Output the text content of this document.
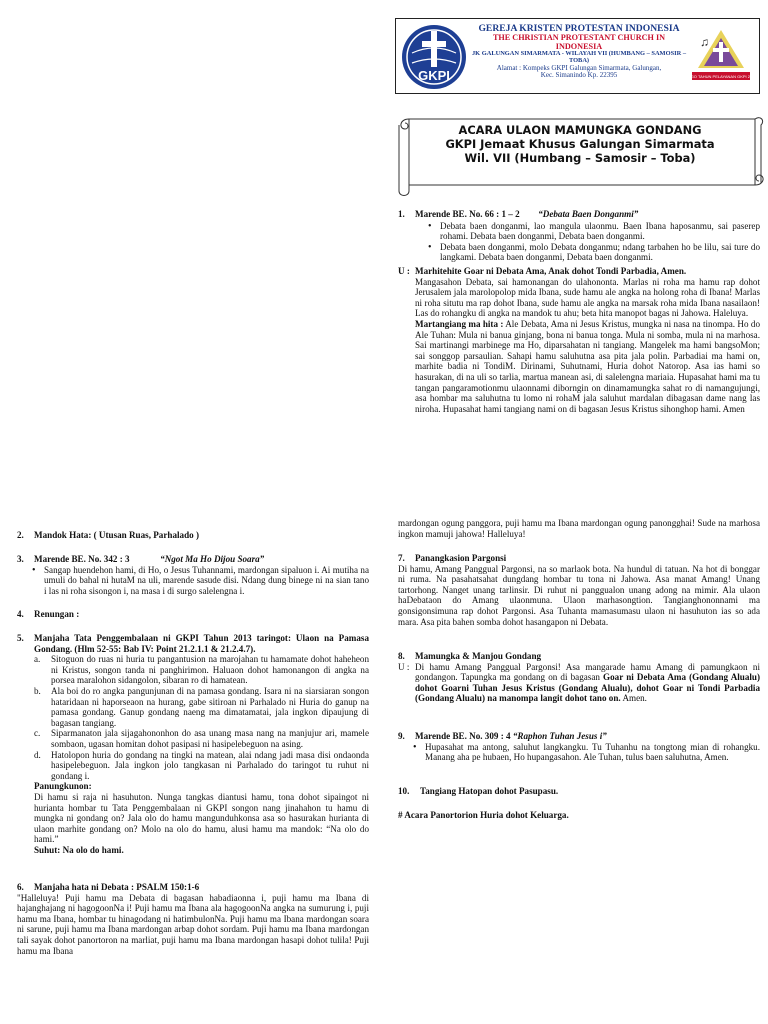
GKPI
GEREJA KRISTEN PROTESTAN INDONESIA
THE CHRISTIAN PROTESTANT CHURCH IN INDONESIA
JK GALUNGAN SIMARMATA - WILAYAH VII (HUMBANG – SAMOSIR – TOBA)
Alamat : Kompeks GKPI Galungan Simarmata, Galungan,
Kec. Simanindo Kp. 22395
♫
LOGO TAHUN PELAYANAN GKPI 2014
ACARA ULAON MAMUNGKA GONDANG
GKPI Jemaat Khusus Galungan Simarmata
Wil. VII (Humbang – Samosir – Toba)
1. Marende BE. No. 66 : 1 – 2 “Debata Baen Donganmi”
• Debata baen donganmi, lao mangula ulaonmu. Baen Ibana haposanmu, sai paserep rohami. Debata baen donganmi, Debata baen donganmi.
• Debata baen donganmi, molo Debata donganmu; ndang tarbahen ho be lilu, sai ture do langkami. Debata baen donganmi, Debata baen donganmi.
U : Marhitehite Goar ni Debata Ama, Anak dohot Tondi Parbadia, Amen.

Mangasahon Debata, sai hamonangan do ulahononta. Marlas ni roha ma hamu rap dohot Jerusalem jala marolopolop mida Ibana, sude hamu ale angka na holong roha di Ibana! Marlas ni roha situtu ma rap dohot Ibana, sude hamu ale angka na marsak roha mida Ibana nasailaon! Las do rohangku di angka na mandok tu ahu; beta hita manopot bagas ni Jahowa. Haleluya.

Martangiang ma hita : Ale Debata, Ama ni Jesus Kristus, mungka ni nasa na tinompa. Ho do Ale Tuhan: Mula ni banua ginjang, bona ni banua tonga. Mula ni somba, mula ni na marhosa. Sai martinangi marbinege ma Ho, diparsahatan ni tangiang. Mangelek ma hami bangsoMon; sai songgop parsaulian. Sahapi hamu saluhutna asa pita jala polin. Parbadiai ma hami on, marhite badia ni TondiM. Dirinami, Suhutnami, Huria dohot Natorop. Asa ias hami so hasurakan, di na uli so tarlia, martua manean asi, di salelengna mariaia. Hupasahat hami ma tu tangan pangaramotionmu ulaonnami diborngin on dinamamungka sahat ro di namangujungi, asa hombar ma saluhutna tu lomo ni rohaM jala saluhut mardalan dibagasan dame nang las niroha. Hupasahat hami tangiang nami on di bagasan Jesus Kristus sihonghop hami. Amen

2. Mandok Hata: ( Utusan Ruas, Parhalado )
3. Marende BE. No. 342 : 3	“Ngot Ma Ho Dijou Soara”
• Sangap huendehon hami, di Ho, o Jesus Tuhannami, mardongan sipaluon i. Ai mutiha na umuli do bahal ni hutaM na uli, marende sasude disi. Ndang dung binege ni na sian tano i las ni roha sisongon i, na masa i di surgo salelengna i.
4. Renungan :
5. Manjaha Tata Penggembalaan ni GKPI Tahun 2013 taringot: Ulaon na Pamasa Gondang. (Hlm 52-55: Bab IV: Point 21.2.1.1 & 21.2.4.7).
a. Sitoguon do ruas ni huria tu pangantusion na marojahan tu hamamate dohot haheheon ni Kristus, songon tanda ni panghirimon. Haluaon dohot hamonangon di angka na porsea maralohon sidangolon, sibaran ro di hamatean.
b. Ala boi do ro angka pangunjunan di na pamasa gondang. Isara ni na siarsiaran songon hataridaan ni haporseaon na hurang, gabe sitiroan ni Parhalado ni Huria do ganup na pamasa gondang. Ganup gondang naeng ma dimatamatai, jala ingkon dipaujung di bagasan tangiang.
c. Siparmanaton jala sijagahononhon do asa unang masa nang na manjujur ari, mamele sombaon, ugasan homitan dohot pasipasi ni hasipelebeguon na asing.
d. Hatolopon huria do gondang na tingki na matean, alai ndang jadi masa disi ondaonda hasipelebeguon. Jala ingkon jolo tangkasan ni Parhalado do taringot tu ruhut ni gondang i.

Panungkunon:

Di hamu si raja ni hasuhuton. Nunga tangkas diantusi hamu, tona dohot sipaingot ni hurianta hombar tu Tata Penggembalaan ni GKPI songon nang jinahahon tu hamu di mungka ni gondang on? Jala olo do hamu mangunduhkonsa asa so hasurakan hurianta di ulaon marhite gondang on? Molo na olo do hamu, alusi hamu ma mandok: “Na olo do hami.”

Suhut: Na olo do hami.

6. Manjaha hata ni Debata : PSALM 150:1-6

"Halleluya! Puji hamu ma Debata di bagasan habadiaonna i, puji hamu ma Ibana di hajanghajang ni hagogoonNa i! Puji hamu ma Ibana ala hagogoonNa angka na sumurung i, puji hamu ma Ibana, hombar tu hinagodang ni hatimbulonNa. Puji hamu ma Ibana mardongan soara ni sarune, puji hamu ma Ibana mardongan arbap dohot sordam. Puji hamu ma Ibana mardongan tali sayak dohot panortoron na marliat, puji hamu ma Ibana mardongan hasapi dohot tulila! Puji hamu ma Ibana

mardongan ogung panggora, puji hamu ma Ibana mardongan ogung panongghai! Sude na marhosa ingkon mamuji jahowa! Halleluya!
7. Panangkasion Pargonsi

Di hamu, Amang Panggual Pargonsi, na so marlaok bota. Na hundul di tatuan. Na hot di bonggar ni ruma. Na pasahatsahat dungdang hombar tu tona ni Jahowa. Asa manat Amang! Unang tartorhong. Nanget unang tarlinsir. Di ruhut ni panggualon unang adong na mimir. Ala ulaon haDebataon do Amang ulaonmuna. Ulaon marhasongtion. Tangianghononnami ma gonsigonsimuna rap dohot Pargonsi. Asa Tuhanta mamasumasu ulaon ni hasuhuton ias so ada mara. Asa pita bahen somba dohot hasangapon ni Debata.

8. Mamungka & Manjou Gondang
U : Di hamu Amang Panggual Pargonsi! Asa mangarade hamu Amang di pamungkaon ni gondangon. Tapungka ma gondang on di bagasan Goar ni Debata Ama (Gondang Alualu) dohot Goarni Tuhan Jesus Kristus (Gondang Alualu), dohot Goar ni Tondi Parbadia (Gondang Alualu) na manompa langit dohot tano on. Amen.
9. Marende BE. No. 309 : 4 “Raphon Tuhan Jesus i”
• Hupasahat ma antong, saluhut langkangku. Tu Tuhanhu na tongtong mian di rohangku. Manang aha pe hubaen, Ho hupangasahon. Ale Tuhan, tulus baen saluhutna, Amen.
10. Tangiang Hatopan dohot Pasupasu.
# Acara Panortorion Huria dohot Keluarga.
